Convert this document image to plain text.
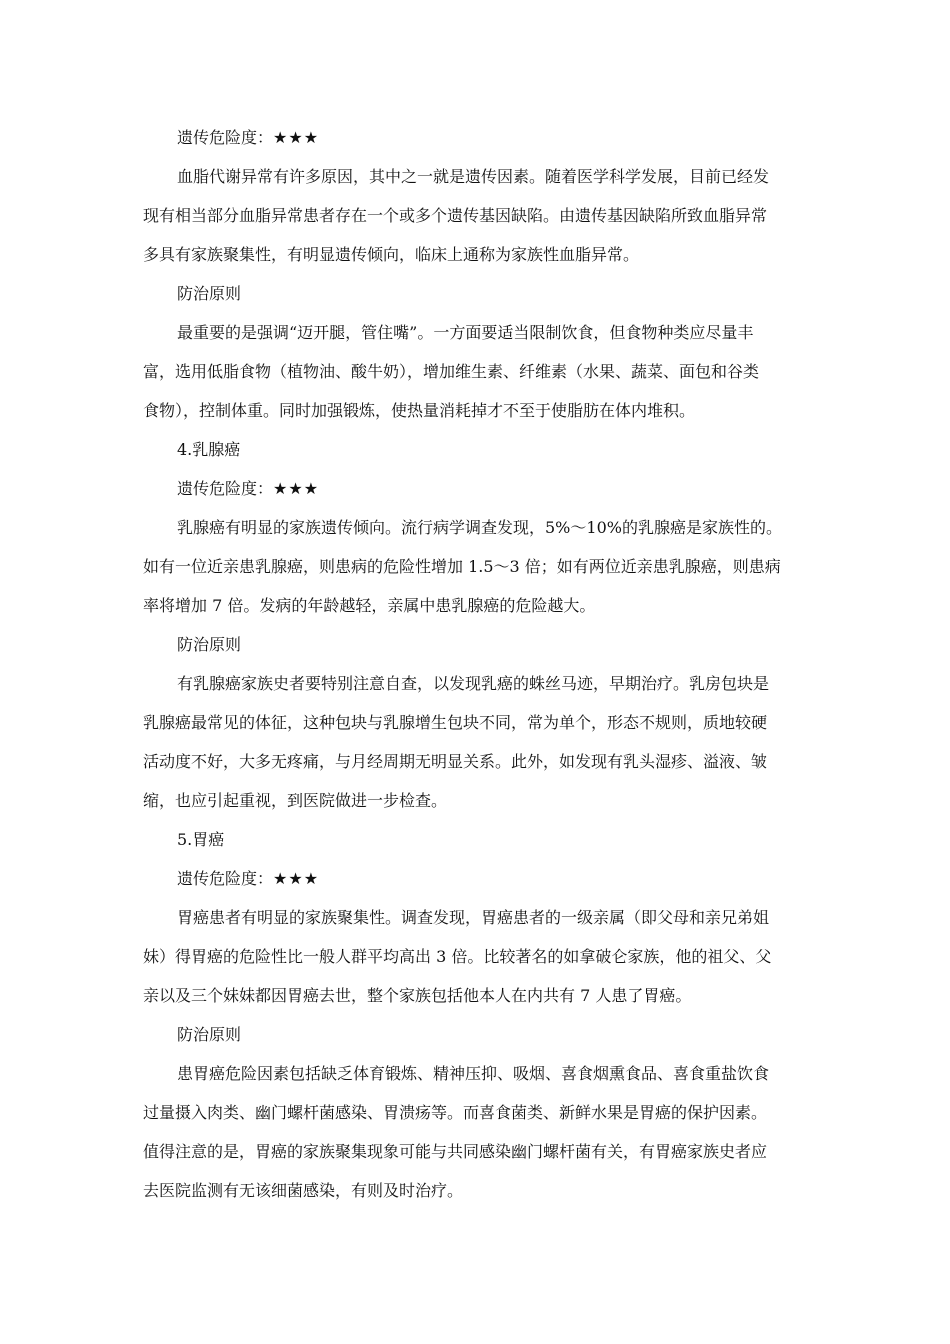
遗传危险度：★★★

血脂代谢异常有许多原因，其中之一就是遗传因素。随着医学科学发展，目前已经发

现有相当部分血脂异常患者存在一个或多个遗传基因缺陷。由遗传基因缺陷所致血脂异常

多具有家族聚集性，有明显遗传倾向，临床上通称为家族性血脂异常。

防治原则

最重要的是强调“迈开腿，管住嘴”。一方面要适当限制饮食，但食物种类应尽量丰

富，选用低脂食物（植物油、酸牛奶），增加维生素、纤维素（水果、蔬菜、面包和谷类

食物），控制体重。同时加强锻炼，使热量消耗掉才不至于使脂肪在体内堆积。

4.乳腺癌
遗传危险度：★★★

乳腺癌有明显的家族遗传倾向。流行病学调查发现，5%～10%的乳腺癌是家族性的。

如有一位近亲患乳腺癌，则患病的危险性增加 1.5～3 倍；如有两位近亲患乳腺癌，则患病

率将增加 7 倍。发病的年龄越轻，亲属中患乳腺癌的危险越大。

防治原则

有乳腺癌家族史者要特别注意自查，以发现乳癌的蛛丝马迹，早期治疗。乳房包块是

乳腺癌最常见的体征，这种包块与乳腺增生包块不同，常为单个，形态不规则，质地较硬

活动度不好，大多无疼痛，与月经周期无明显关系。此外，如发现有乳头湿疹、溢液、皱

缩，也应引起重视，到医院做进一步检查。

5.胃癌
遗传危险度：★★★

胃癌患者有明显的家族聚集性。调查发现，胃癌患者的一级亲属（即父母和亲兄弟姐

妹）得胃癌的危险性比一般人群平均高出 3 倍。比较著名的如拿破仑家族，他的祖父、父

亲以及三个妹妹都因胃癌去世，整个家族包括他本人在内共有 7 人患了胃癌。

防治原则

患胃癌危险因素包括缺乏体育锻炼、精神压抑、吸烟、喜食烟熏食品、喜食重盐饮食

过量摄入肉类、幽门螺杆菌感染、胃溃疡等。而喜食菌类、新鲜水果是胃癌的保护因素。

值得注意的是，胃癌的家族聚集现象可能与共同感染幽门螺杆菌有关，有胃癌家族史者应

去医院监测有无该细菌感染，有则及时治疗。
